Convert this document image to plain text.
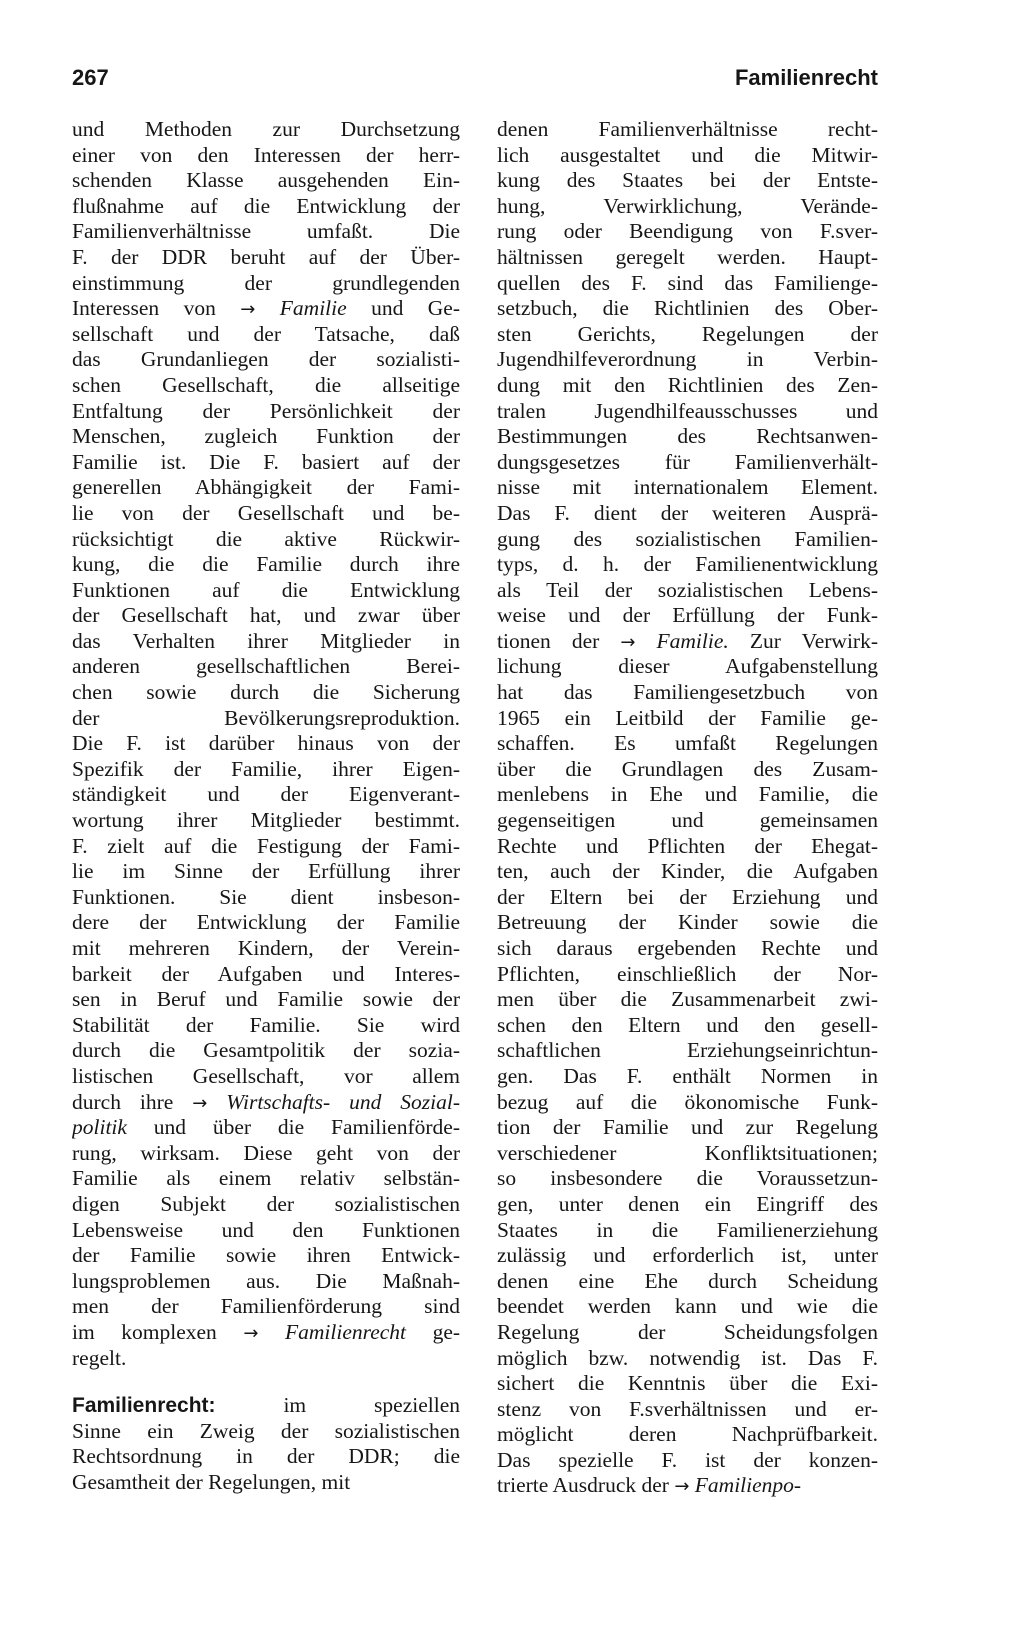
267	Familienrecht
und Methoden zur Durchsetzung
einer von den Interessen der herr-
schenden Klasse ausgehenden Ein-
flußnahme auf die Entwicklung der
Familienverhältnisse umfaßt. Die
F. der DDR beruht auf der Über-
einstimmung der grundlegenden
Interessen von → Familie und Ge-
sellschaft und der Tatsache, daß
das Grundanliegen der sozialisti-
schen Gesellschaft, die allseitige
Entfaltung der Persönlichkeit der
Menschen, zugleich Funktion der
Familie ist. Die F. basiert auf der
generellen Abhängigkeit der Fami-
lie von der Gesellschaft und be-
rücksichtigt die aktive Rückwir-
kung, die die Familie durch ihre
Funktionen auf die Entwicklung
der Gesellschaft hat, und zwar über
das Verhalten ihrer Mitglieder in
anderen gesellschaftlichen Berei-
chen sowie durch die Sicherung
der Bevölkerungsreproduktion.
Die F. ist darüber hinaus von der
Spezifik der Familie, ihrer Eigen-
ständigkeit und der Eigenverant-
wortung ihrer Mitglieder bestimmt.
F. zielt auf die Festigung der Fami-
lie im Sinne der Erfüllung ihrer
Funktionen. Sie dient insbeson-
dere der Entwicklung der Familie
mit mehreren Kindern, der Verein-
barkeit der Aufgaben und Interes-
sen in Beruf und Familie sowie der
Stabilität der Familie. Sie wird
durch die Gesamtpolitik der sozia-
listischen Gesellschaft, vor allem
durch ihre → Wirtschafts- und Sozial-
politik und über die Familienförde-
rung, wirksam. Diese geht von der
Familie als einem relativ selbstän-
digen Subjekt der sozialistischen
Lebensweise und den Funktionen
der Familie sowie ihren Entwick-
lungsproblemen aus. Die Maßnah-
men der Familienförderung sind
im komplexen → Familienrecht ge-
regelt.
Familienrecht: im speziellen
Sinne ein Zweig der sozialistischen
Rechtsordnung in der DDR; die
Gesamtheit der Regelungen, mit
denen Familienverhältnisse recht-
lich ausgestaltet und die Mitwir-
kung des Staates bei der Entste-
hung, Verwirklichung, Verände-
rung oder Beendigung von F.sver-
hältnissen geregelt werden. Haupt-
quellen des F. sind das Familienge-
setzbuch, die Richtlinien des Ober-
sten Gerichts, Regelungen der
Jugendhilfeverordnung in Verbin-
dung mit den Richtlinien des Zen-
tralen Jugendhilfeausschusses und
Bestimmungen des Rechtsanwen-
dungsgesetzes für Familienverhält-
nisse mit internationalem Element.
Das F. dient der weiteren Ausprä-
gung des sozialistischen Familien-
typs, d. h. der Familienentwicklung
als Teil der sozialistischen Lebens-
weise und der Erfüllung der Funk-
tionen der → Familie. Zur Verwirk-
lichung dieser Aufgabenstellung
hat das Familiengesetzbuch von
1965 ein Leitbild der Familie ge-
schaffen. Es umfaßt Regelungen
über die Grundlagen des Zusam-
menlebens in Ehe und Familie, die
gegenseitigen und gemeinsamen
Rechte und Pflichten der Ehegat-
ten, auch der Kinder, die Aufgaben
der Eltern bei der Erziehung und
Betreuung der Kinder sowie die
sich daraus ergebenden Rechte und
Pflichten, einschließlich der Nor-
men über die Zusammenarbeit zwi-
schen den Eltern und den gesell-
schaftlichen Erziehungseinrichtun-
gen. Das F. enthält Normen in
bezug auf die ökonomische Funk-
tion der Familie und zur Regelung
verschiedener Konfliktsituationen;
so insbesondere die Voraussetzun-
gen, unter denen ein Eingriff des
Staates in die Familienerziehung
zulässig und erforderlich ist, unter
denen eine Ehe durch Scheidung
beendet werden kann und wie die
Regelung der Scheidungsfolgen
möglich bzw. notwendig ist. Das F.
sichert die Kenntnis über die Exi-
stenz von F.sverhältnissen und er-
möglicht deren Nachprüfbarkeit.
Das spezielle F. ist der konzen-
trierte Ausdruck der → Familienpo-
